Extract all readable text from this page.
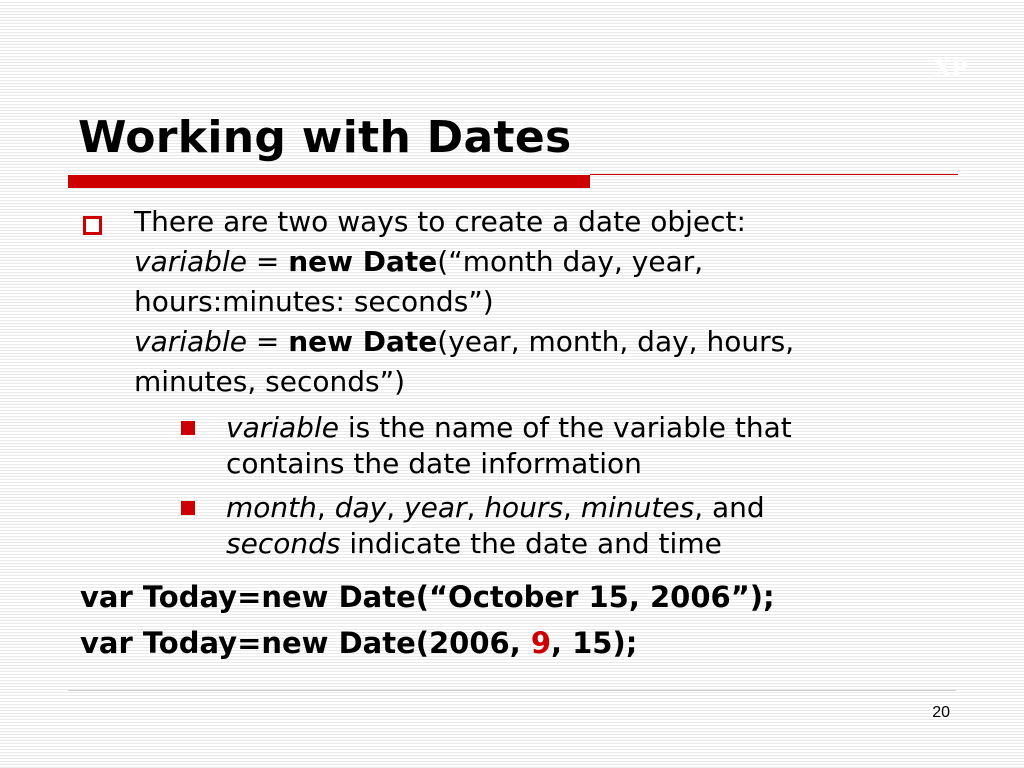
XP
Working with Dates

There are two ways to create a date object:

variable = new Date(“month day, year,

hours:minutes: seconds”)

variable = new Date(year, month, day, hours,

minutes, seconds”)

variable is the name of the variable that

contains the date information

month, day, year, hours, minutes, and

seconds indicate the date and time

var Today=new Date(“October 15, 2006”);

var Today=new Date(2006, 9, 15);

20
